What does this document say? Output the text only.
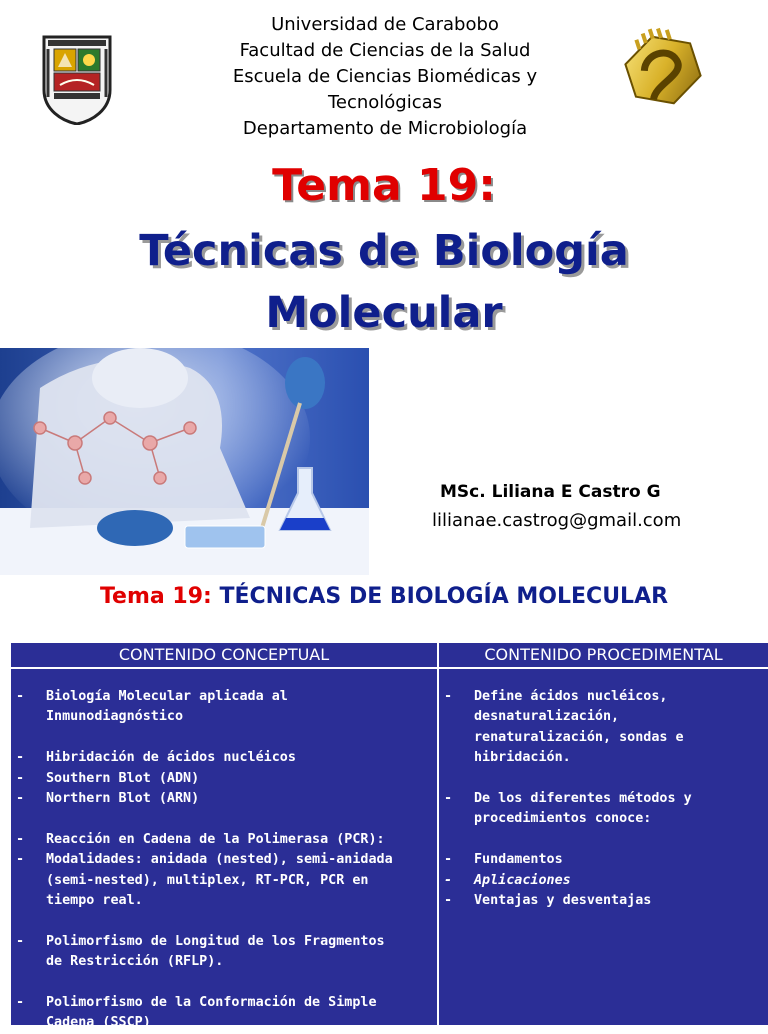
Universidad de Carabobo
Facultad de Ciencias de la Salud
Escuela de Ciencias Biomédicas y
Tecnológicas
Departamento de Microbiología
Tema 19:
Técnicas de Biología
Molecular
MSc. Liliana E Castro G
lilianae.castrog@gmail.com
Tema 19: TÉCNICAS DE BIOLOGÍA MOLECULAR
CONTENIDO CONCEPTUAL	CONTENIDO PROCEDIMENTAL
- Biología Molecular aplicada al
Inmunodiagnóstico
- Hibridación de ácidos nucléicos
- Southern Blot (ADN)
- Northern Blot (ARN)
- Reacción en Cadena de la Polimerasa (PCR):
- Modalidades: anidada (nested), semi-anidada
(semi-nested), multiplex, RT-PCR, PCR en
tiempo real.
- Polimorfismo de Longitud de los Fragmentos
de Restricción (RFLP).
- Polimorfismo de la Conformación de Simple
Cadena (SSCP)
- Define ácidos nucléicos,
desnaturalización,
renaturalización, sondas e
hibridación.
- De los diferentes métodos y
procedimientos conoce:
- Fundamentos
- Aplicaciones
- Ventajas y desventajas
